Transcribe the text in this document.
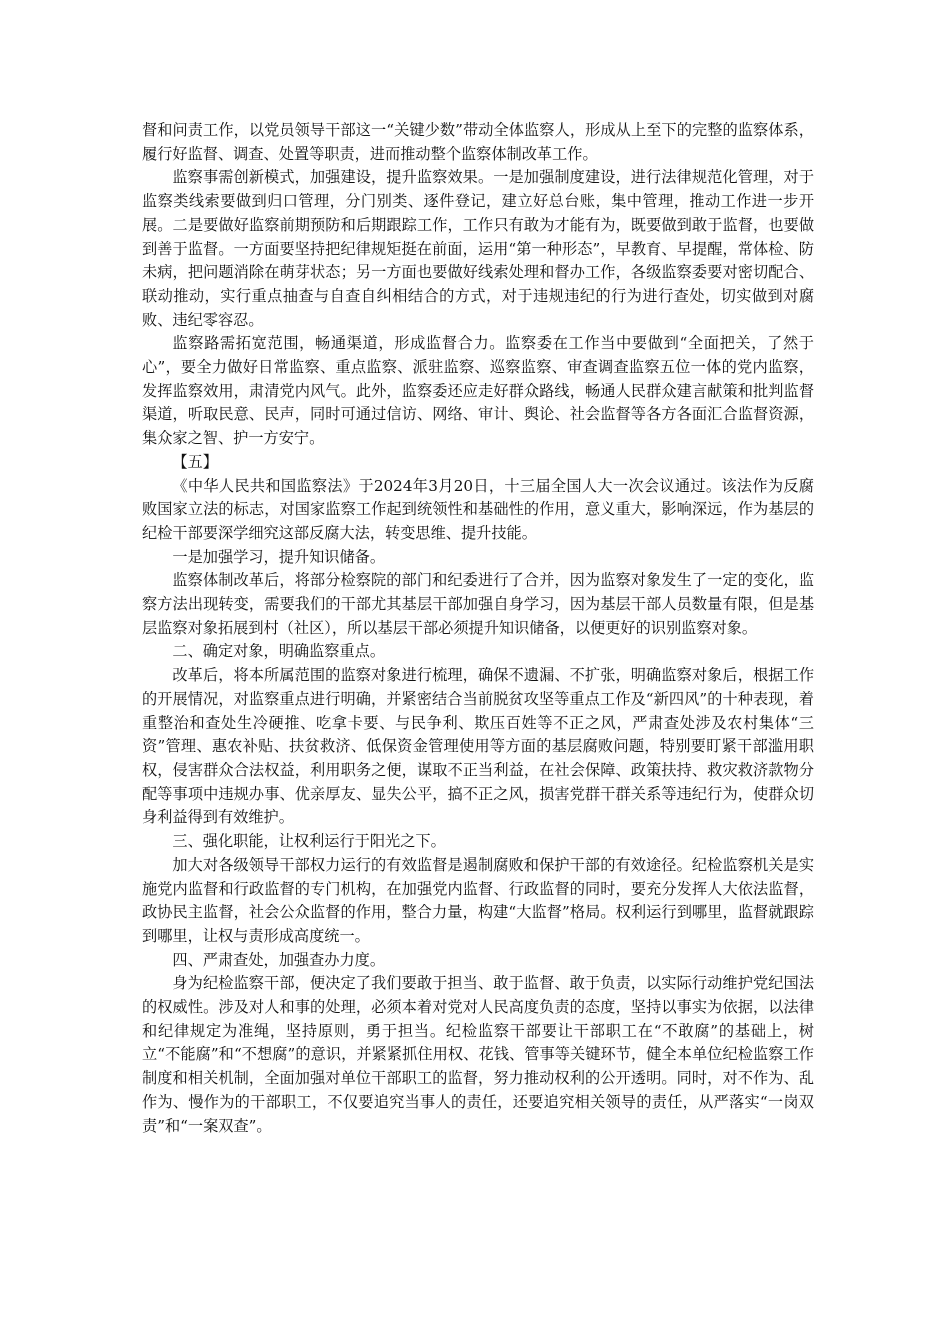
督和问责工作，以党员领导干部这一“关键少数”带动全体监察人，形成从上至下的完整的监察体系，履行好监督、调查、处置等职责，进而推动整个监察体制改革工作。

监察事需创新模式，加强建设，提升监察效果。一是加强制度建设，进行法律规范化管理，对于监察类线索要做到归口管理，分门别类、逐件登记，建立好总台账，集中管理，推动工作进一步开展。二是要做好监察前期预防和后期跟踪工作，工作只有敢为才能有为，既要做到敢于监督，也要做到善于监督。一方面要坚持把纪律规矩挺在前面，运用“第一种形态”，早教育、早提醒，常体检、防未病，把问题消除在萌芽状态；另一方面也要做好线索处理和督办工作，各级监察委要对密切配合、联动推动，实行重点抽查与自查自纠相结合的方式，对于违规违纪的行为进行查处，切实做到对腐败、违纪零容忍。

监察路需拓宽范围，畅通渠道，形成监督合力。监察委在工作当中要做到“全面把关，了然于心”，要全力做好日常监察、重点监察、派驻监察、巡察监察、审查调查监察五位一体的党内监察，发挥监察效用，肃清党内风气。此外，监察委还应走好群众路线，畅通人民群众建言献策和批判监督渠道，听取民意、民声，同时可通过信访、网络、审计、舆论、社会监督等各方各面汇合监督资源，集众家之智、护一方安宁。

【五】

《中华人民共和国监察法》于2024年3月20日，十三届全国人大一次会议通过。该法作为反腐败国家立法的标志，对国家监察工作起到统领性和基础性的作用，意义重大，影响深远，作为基层的纪检干部要深学细究这部反腐大法，转变思维、提升技能。

一是加强学习，提升知识储备。

监察体制改革后，将部分检察院的部门和纪委进行了合并，因为监察对象发生了一定的变化，监察方法出现转变，需要我们的干部尤其基层干部加强自身学习，因为基层干部人员数量有限，但是基层监察对象拓展到村（社区），所以基层干部必须提升知识储备，以便更好的识别监察对象。

二、确定对象，明确监察重点。

改革后，将本所属范围的监察对象进行梳理，确保不遗漏、不扩张，明确监察对象后，根据工作的开展情况，对监察重点进行明确，并紧密结合当前脱贫攻坚等重点工作及“新四风”的十种表现，着重整治和查处生冷硬推、吃拿卡要、与民争利、欺压百姓等不正之风，严肃查处涉及农村集体“三资”管理、惠农补贴、扶贫救济、低保资金管理使用等方面的基层腐败问题，特别要盯紧干部滥用职权，侵害群众合法权益，利用职务之便，谋取不正当利益，在社会保障、政策扶持、救灾救济款物分配等事项中违规办事、优亲厚友、显失公平，搞不正之风，损害党群干群关系等违纪行为，使群众切身利益得到有效维护。

三、强化职能，让权利运行于阳光之下。

加大对各级领导干部权力运行的有效监督是遏制腐败和保护干部的有效途径。纪检监察机关是实施党内监督和行政监督的专门机构，在加强党内监督、行政监督的同时，要充分发挥人大依法监督，政协民主监督，社会公众监督的作用，整合力量，构建“大监督”格局。权利运行到哪里，监督就跟踪到哪里，让权与责形成高度统一。

四、严肃查处，加强查办力度。

身为纪检监察干部，便决定了我们要敢于担当、敢于监督、敢于负责，以实际行动维护党纪国法的权威性。涉及对人和事的处理，必须本着对党对人民高度负责的态度，坚持以事实为依据，以法律和纪律规定为准绳，坚持原则，勇于担当。纪检监察干部要让干部职工在“不敢腐”的基础上，树立“不能腐”和“不想腐”的意识，并紧紧抓住用权、花钱、管事等关键环节，健全本单位纪检监察工作制度和相关机制，全面加强对单位干部职工的监督，努力推动权利的公开透明。同时，对不作为、乱作为、慢作为的干部职工，不仅要追究当事人的责任，还要追究相关领导的责任，从严落实“一岗双责”和“一案双查”。
